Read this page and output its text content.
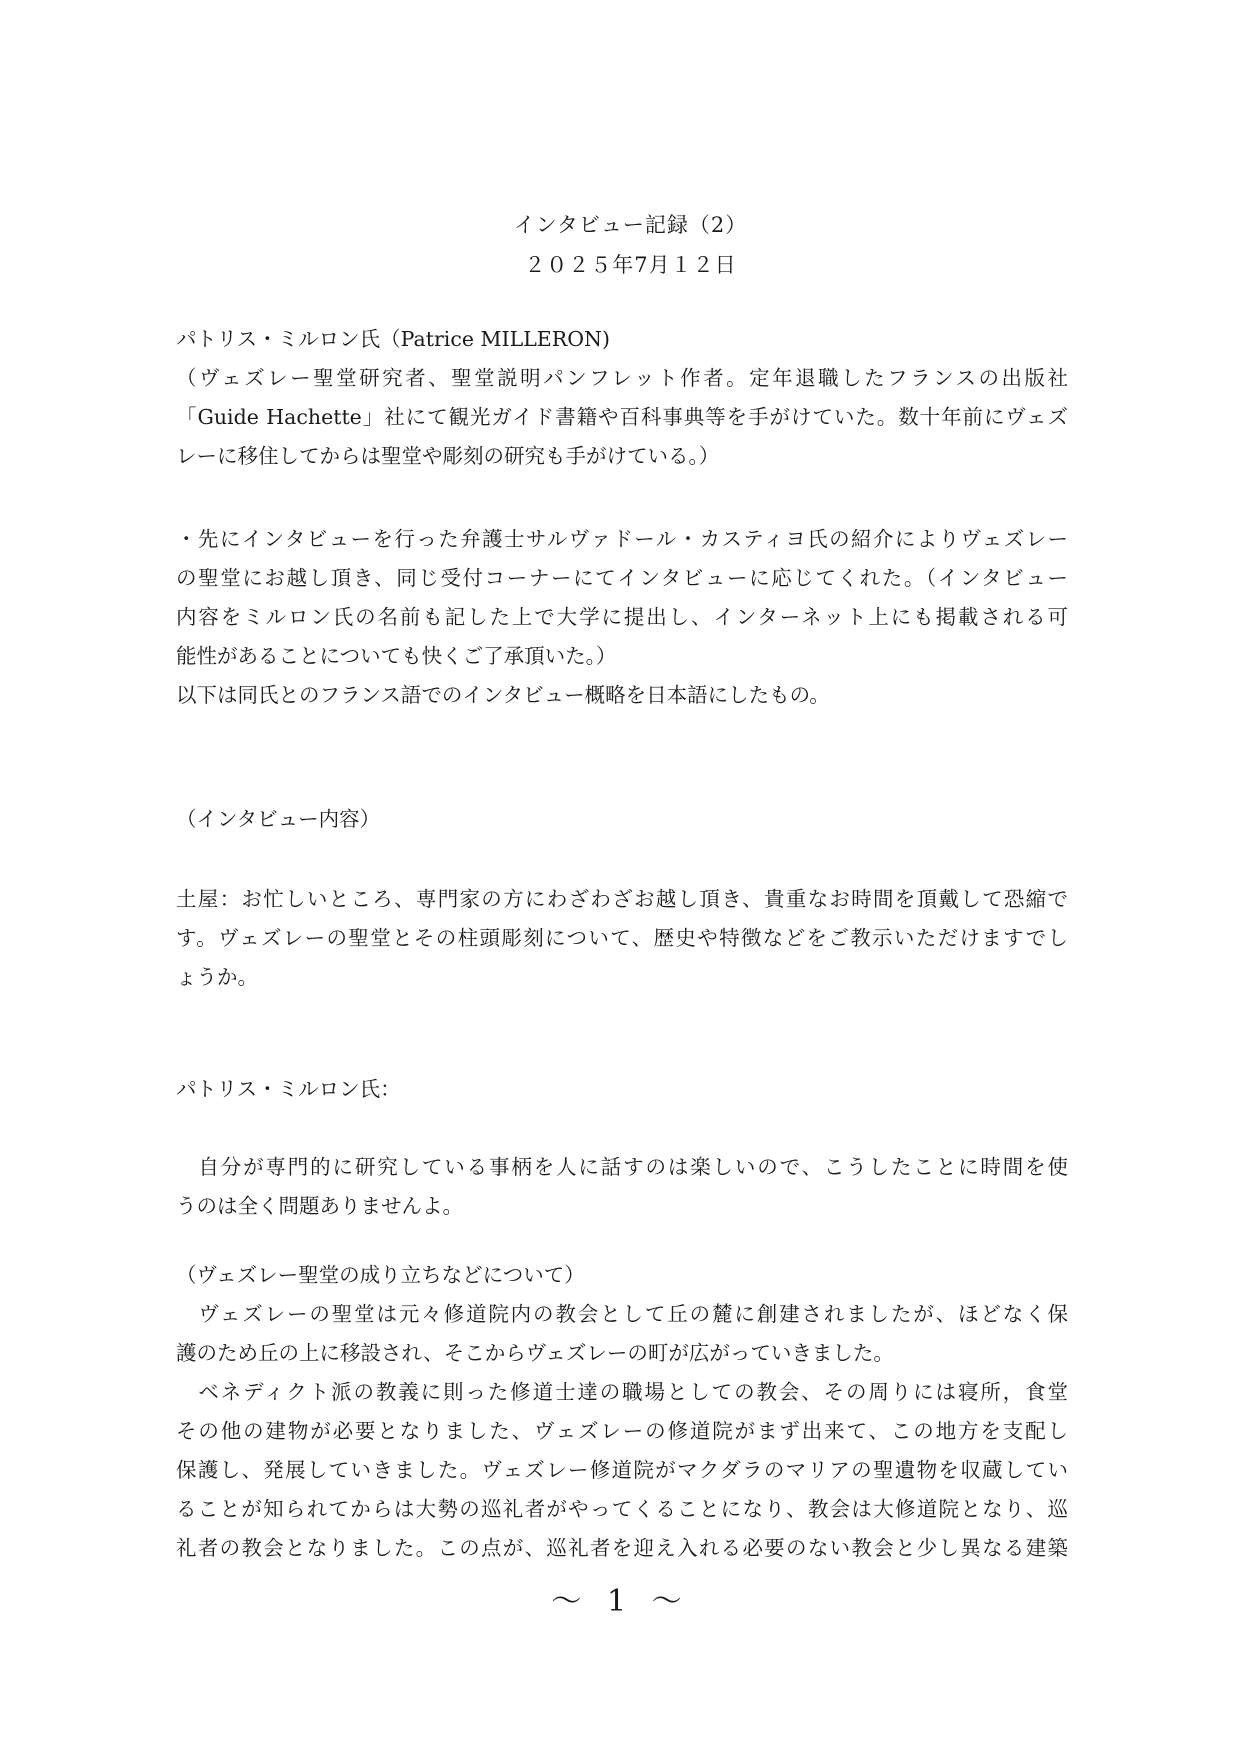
インタビュー記録（2）
２０２５年7月１２日
パトリス・ミルロン氏（Patrice MILLERON)
（ヴェズレー聖堂研究者、聖堂説明パンフレット作者。定年退職したフランスの出版社
「Guide Hachette」社にて観光ガイド書籍や百科事典等を手がけていた。数十年前にヴェズ
レーに移住してからは聖堂や彫刻の研究も手がけている。）
・先にインタビューを行った弁護士サルヴァドール・カスティヨ氏の紹介によりヴェズレー
の聖堂にお越し頂き、同じ受付コーナーにてインタビューに応じてくれた。（インタビュー
内容をミルロン氏の名前も記した上で大学に提出し、インターネット上にも掲載される可
能性があることについても快くご了承頂いた。）
以下は同氏とのフランス語でのインタビュー概略を日本語にしたもの。
（インタビュー内容）
土屋：お忙しいところ、専門家の方にわざわざお越し頂き、貴重なお時間を頂戴して恐縮で
す。ヴェズレーの聖堂とその柱頭彫刻について、歴史や特徴などをご教示いただけますでし
ょうか。
パトリス・ミルロン氏：
　自分が専門的に研究している事柄を人に話すのは楽しいので、こうしたことに時間を使
うのは全く問題ありませんよ。
（ヴェズレー聖堂の成り立ちなどについて）
　ヴェズレーの聖堂は元々修道院内の教会として丘の麓に創建されましたが、ほどなく保
護のため丘の上に移設され、そこからヴェズレーの町が広がっていきました。
　ベネディクト派の教義に則った修道士達の職場としての教会、その周りには寝所，食堂
その他の建物が必要となりました、ヴェズレーの修道院がまず出来て、この地方を支配し
保護し、発展していきました。ヴェズレー修道院がマクダラのマリアの聖遺物を収蔵してい
ることが知られてからは大勢の巡礼者がやってくることになり、教会は大修道院となり、巡
礼者の教会となりました。この点が、巡礼者を迎え入れる必要のない教会と少し異なる建築
～ 1 ～
